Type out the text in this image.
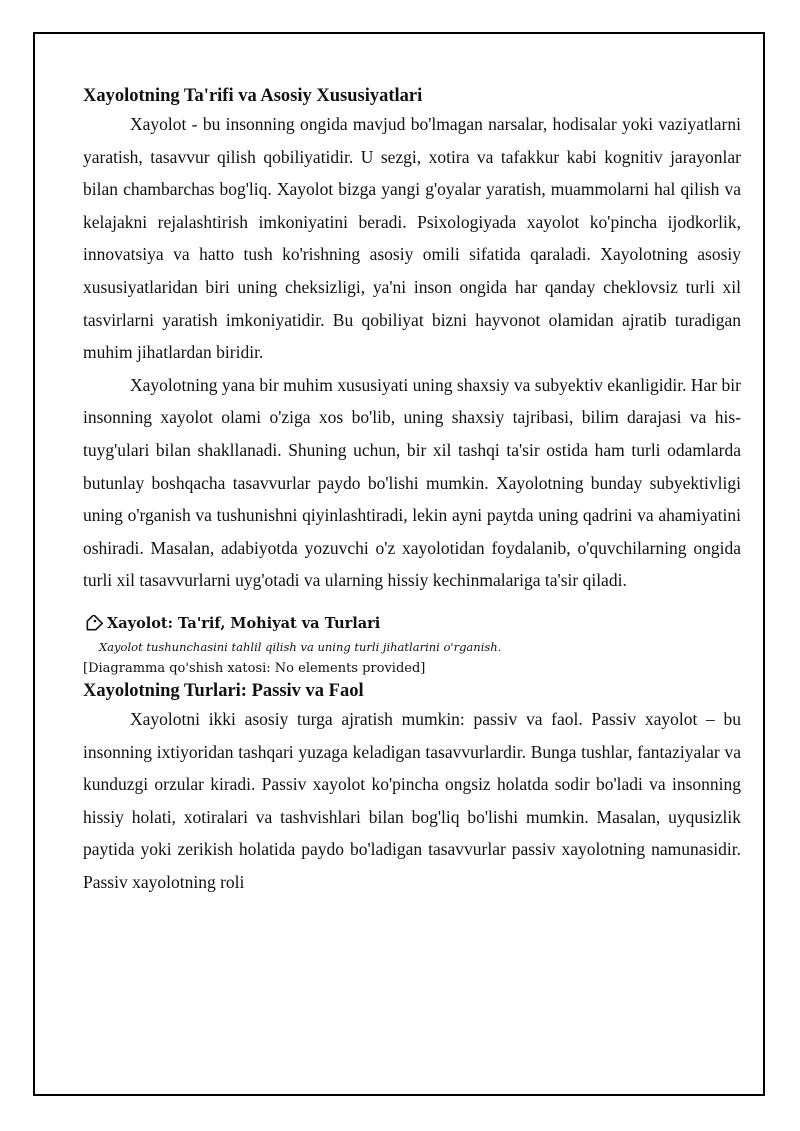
Xayolotning Ta'rifi va Asosiy Xususiyatlari

Xayolot - bu insonning ongida mavjud bo'lmagan narsalar, hodisalar yoki vaziyatlarni yaratish, tasavvur qilish qobiliyatidir. U sezgi, xotira va tafakkur kabi kognitiv jarayonlar bilan chambarchas bog'liq. Xayolot bizga yangi g'oyalar yaratish, muammolarni hal qilish va kelajakni rejalashtirish imkoniyatini beradi. Psixologiyada xayolot ko'pincha ijodkorlik, innovatsiya va hatto tush ko'rishning asosiy omili sifatida qaraladi. Xayolotning asosiy xususiyatlaridan biri uning cheksizligi, ya'ni inson ongida har qanday cheklovsiz turli xil tasvirlarni yaratish imkoniyatidir. Bu qobiliyat bizni hayvonot olamidan ajratib turadigan muhim jihatlardan biridir.

Xayolotning yana bir muhim xususiyati uning shaxsiy va subyektiv ekanligidir. Har bir insonning xayolot olami o'ziga xos bo'lib, uning shaxsiy tajribasi, bilim darajasi va his-tuyg'ulari bilan shakllanadi. Shuning uchun, bir xil tashqi ta'sir ostida ham turli odamlarda butunlay boshqacha tasavvurlar paydo bo'lishi mumkin. Xayolotning bunday subyektivligi uning o'rganish va tushunishni qiyinlashtiradi, lekin ayni paytda uning qadrini va ahamiyatini oshiradi. Masalan, adabiyotda yozuvchi o'z xayolotidan foydalanib, o'quvchilarning ongida turli xil tasavvurlarni uyg'otadi va ularning hissiy kechinmalariga ta'sir qiladi.

Xayolot: Ta'rif, Mohiyat va Turlari
Xayolot tushunchasini tahlil qilish va uning turli jihatlarini o'rganish.
[Diagramma qo'shish xatosi: No elements provided]
Xayolotning Turlari: Passiv va Faol

Xayolotni ikki asosiy turga ajratish mumkin: passiv va faol. Passiv xayolot – bu insonning ixtiyoridan tashqari yuzaga keladigan tasavvurlardir. Bunga tushlar, fantaziyalar va kunduzgi orzular kiradi. Passiv xayolot ko'pincha ongsiz holatda sodir bo'ladi va insonning hissiy holati, xotiralari va tashvishlari bilan bog'liq bo'lishi mumkin. Masalan, uyqusizlik paytida yoki zerikish holatida paydo bo'ladigan tasavvurlar passiv xayolotning namunasidir. Passiv xayolotning roli
